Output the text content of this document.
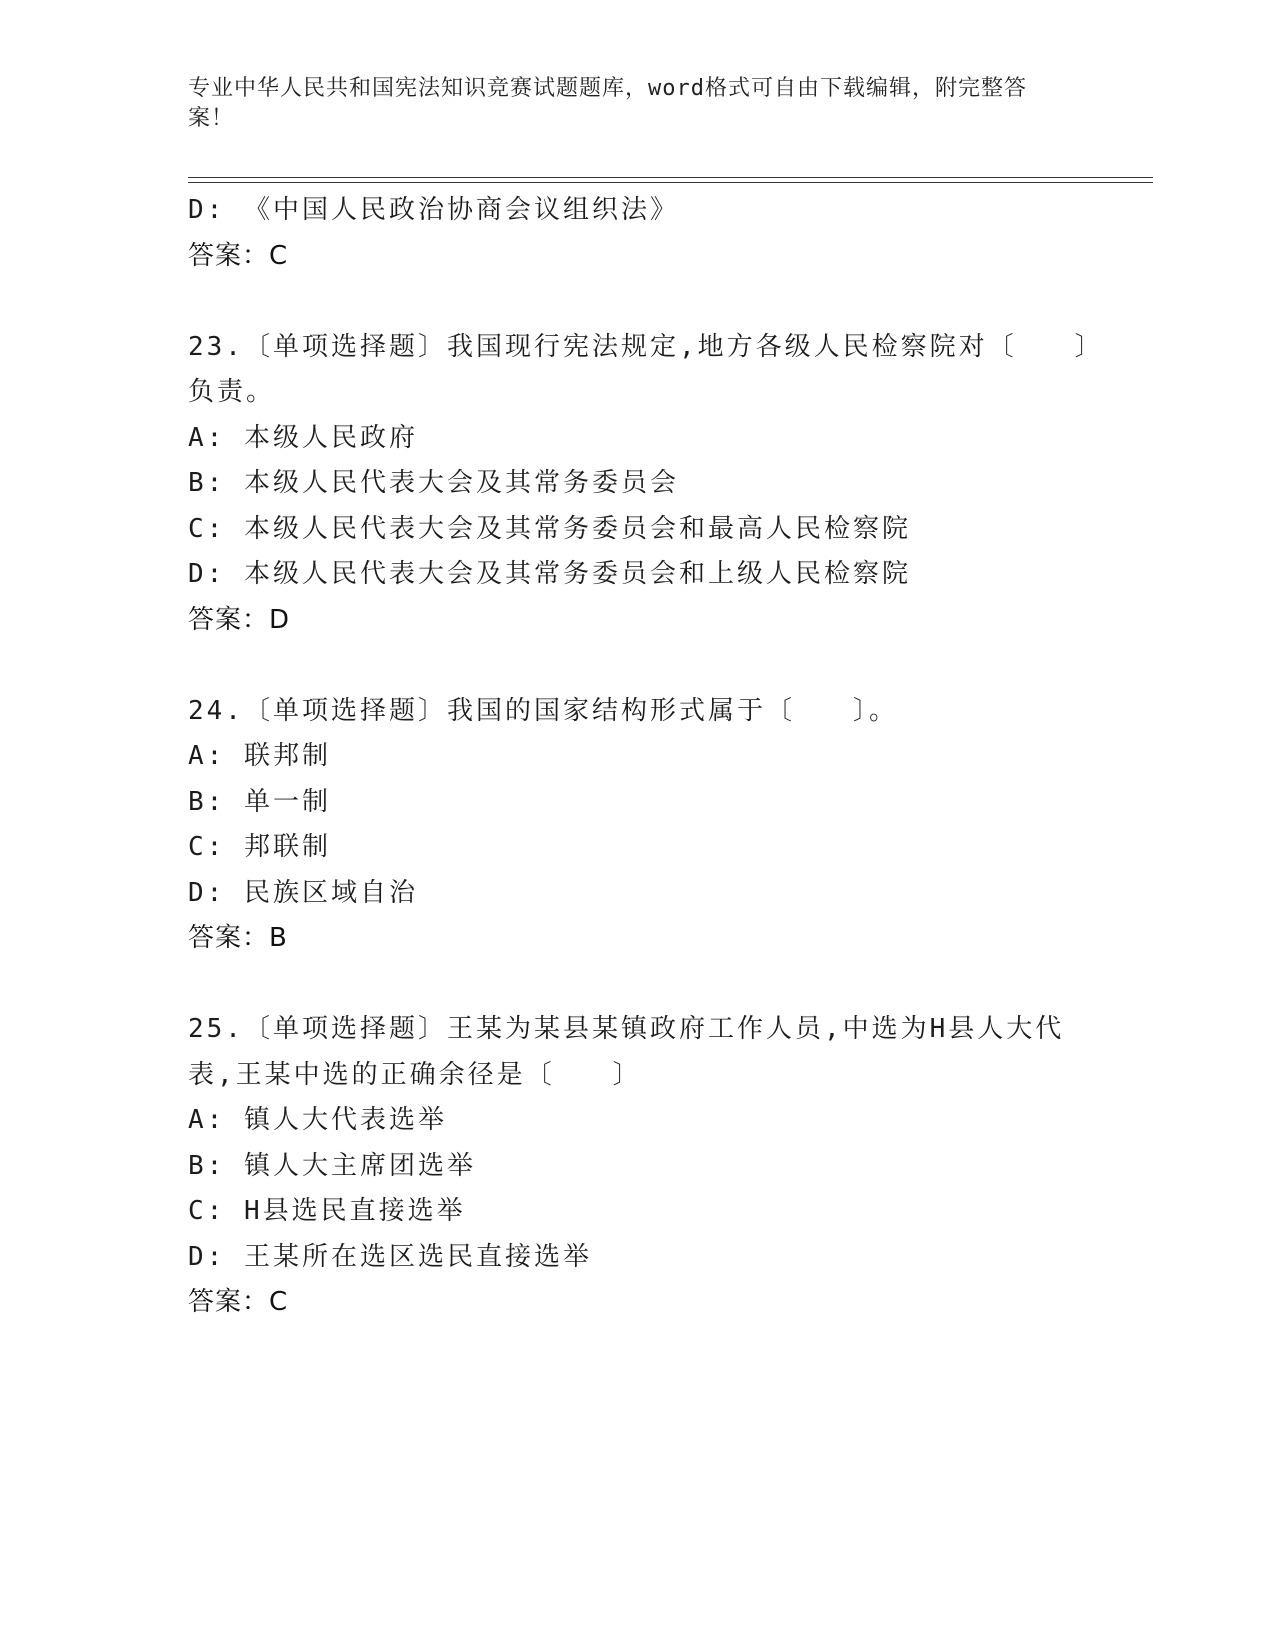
专业中华人民共和国宪法知识竞赛试题题库，word格式可自由下载编辑，附完整答案！
D: 《中国人民政治协商会议组织法》
答案：C
23.〔单项选择题〕我国现行宪法规定,地方各级人民检察院对〔　　〕
负责。
A: 本级人民政府
B: 本级人民代表大会及其常务委员会
C: 本级人民代表大会及其常务委员会和最高人民检察院
D: 本级人民代表大会及其常务委员会和上级人民检察院
答案：D
24.〔单项选择题〕我国的国家结构形式属于〔　　〕。
A: 联邦制
B: 单一制
C: 邦联制
D: 民族区域自治
答案：B
25.〔单项选择题〕王某为某县某镇政府工作人员,中选为H县人大代
表,王某中选的正确余径是〔　　〕
A: 镇人大代表选举
B: 镇人大主席团选举
C: H县选民直接选举
D: 王某所在选区选民直接选举
答案：C
